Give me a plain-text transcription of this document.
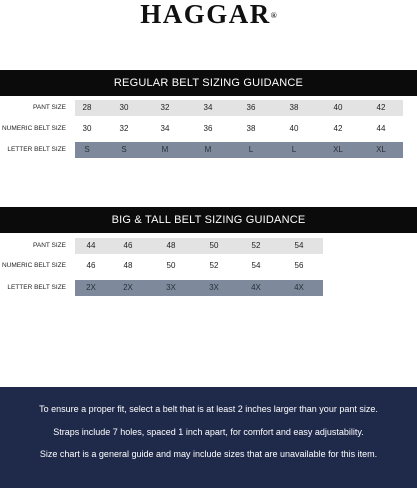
HAGGAR®
REGULAR BELT SIZING GUIDANCE
PANT SIZE	28	30	32	34	36	38	40	42
NUMERIC BELT SIZE	30	32	34	36	38	40	42	44
LETTER BELT SIZE	S	S	M	M	L	L	XL	XL
BIG & TALL BELT SIZING GUIDANCE
PANT SIZE	44	46	48	50	52	54
NUMERIC BELT SIZE	46	48	50	52	54	56
LETTER BELT SIZE	2X	2X	3X	3X	4X	4X

To ensure a proper fit, select a belt that is at least 2 inches larger than your pant size.

Straps include 7 holes, spaced 1 inch apart, for comfort and easy adjustability.

Size chart is a general guide and may include sizes that are unavailable for this item.
